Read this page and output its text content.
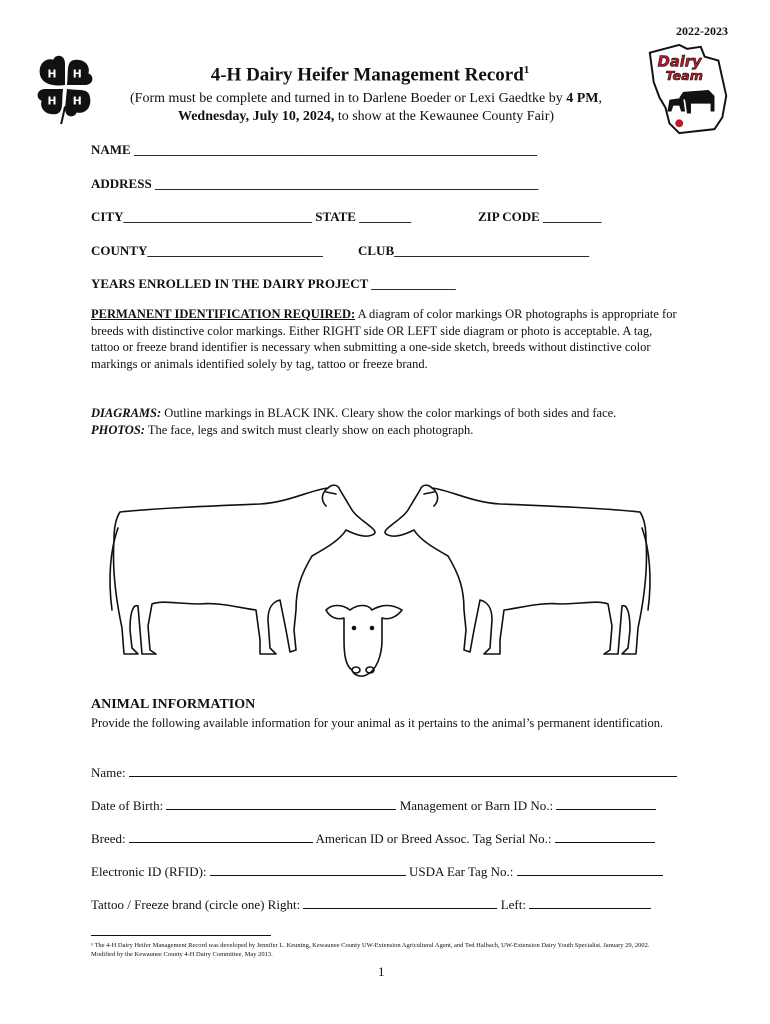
H H
H
H
Dairy
Team
2022-2023
4-H Dairy Heifer Management Record$^1$
(Form must be complete and turned in to Darlene Boeder or Lexi Gaedtke by 4 PM,
Wednesday, July 10, 2024, to show at the Kewaunee County Fair)
NAME ______________________________________________________________
ADDRESS ___________________________________________________________
CITY_____________________________ STATE ________	ZIP CODE _________
COUNTY___________________________	CLUB______________________________
YEARS ENROLLED IN THE DAIRY PROJECT _____________
PERMANENT IDENTIFICATION REQUIRED: A diagram of color markings OR photographs is appropriate for breeds with distinctive color markings. Either RIGHT side OR LEFT side diagram or photo is acceptable. A tag, tattoo or freeze brand identifier is necessary when submitting a one-side sketch, breeds without distinctive color markings or animals identified solely by tag, tattoo or freeze brand.
DIAGRAMS: Outline markings in BLACK INK. Cleary show the color markings of both sides and face.
PHOTOS: The face, legs and switch must clearly show on each photograph.
ANIMAL INFORMATION
Provide the following available information for your animal as it pertains to the animal’s permanent identification.
Name:
Date of Birth:	Management or Barn ID No.:
Breed:	American ID or Breed Assoc. Tag Serial No.:
Electronic ID (RFID):	USDA Ear Tag No.:
Tattoo / Freeze brand (circle one) Right:	Left:
¹ The 4-H Dairy Heifer Management Record was developed by Jennifer L. Keuning, Kewaunee County UW-Extension Agricultural Agent, and Ted Halbach, UW-Extension Dairy Youth Specialist. January 29, 2002. Modified by the Kewaunee County 4-H Dairy Committee, May 2013.
1
